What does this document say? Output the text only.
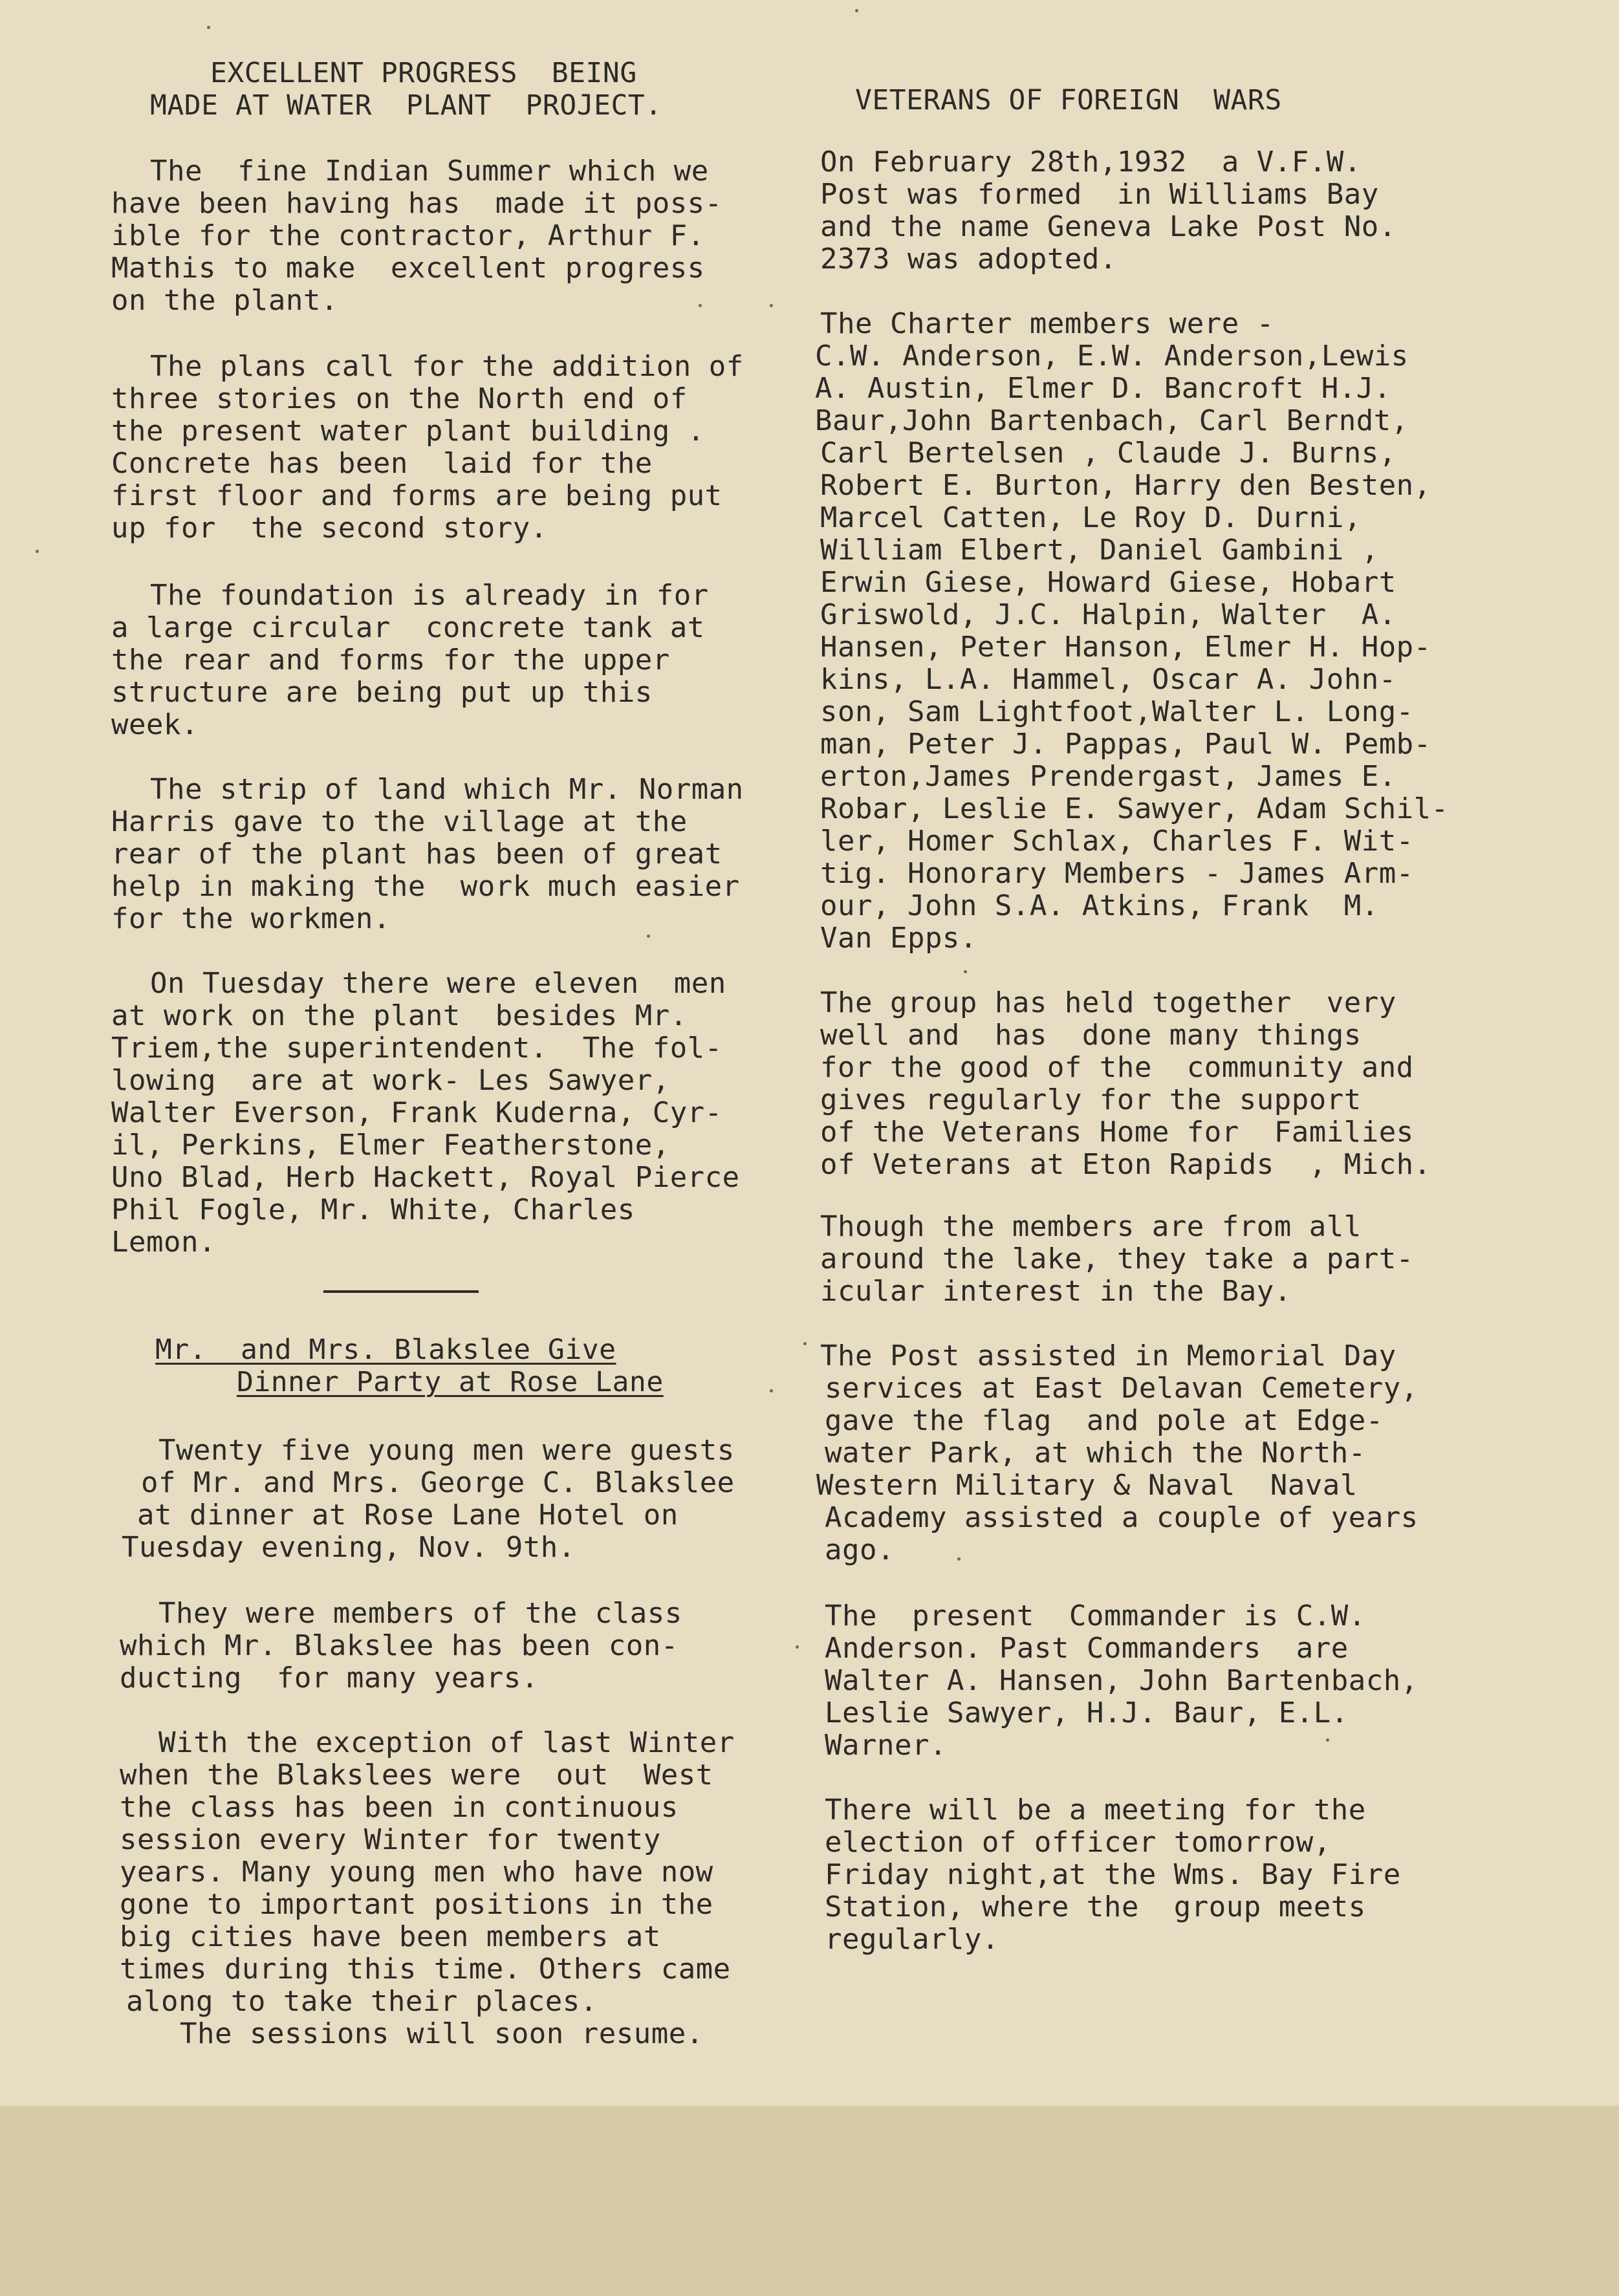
EXCELLENT PROGRESS  BEING

MADE AT WATER  PLANT  PROJECT.

The  fine Indian Summer which we

have been having has  made it poss-

ible for the contractor, Arthur F.

Mathis to make  excellent progress

on the plant.

The plans call for the addition of

three stories on the North end of

the present water plant building .

Concrete has been  laid for the

first floor and forms are being put

up for  the second story.

The foundation is already in for

a large circular  concrete tank at

the rear and forms for the upper

structure are being put up this

week.

The strip of land which Mr. Norman

Harris gave to the village at the

rear of the plant has been of great

help in making the  work much easier

for the workmen.

On Tuesday there were eleven  men

at work on the plant  besides Mr.

Triem,the superintendent.  The fol-

lowing  are at work- Les Sawyer,

Walter Everson, Frank Kuderna, Cyr-

il, Perkins, Elmer Featherstone,

Uno Blad, Herb Hackett, Royal Pierce

Phil Fogle, Mr. White, Charles

Lemon.

Mr.  and Mrs. Blakslee Give

Dinner Party at Rose Lane

Twenty five young men were guests

of Mr. and Mrs. George C. Blakslee

at dinner at Rose Lane Hotel on

Tuesday evening, Nov. 9th.

They were members of the class

which Mr. Blakslee has been con-

ducting  for many years.

With the exception of last Winter

when the Blakslees were  out  West

the class has been in continuous

session every Winter for twenty

years. Many young men who have now

gone to important positions in the

big cities have been members at

times during this time. Others came

along to take their places.

The sessions will soon resume.

VETERANS OF FOREIGN  WARS

On February 28th,1932  a V.F.W.

Post was formed  in Williams Bay

and the name Geneva Lake Post No.

2373 was adopted.

The Charter members were -

C.W. Anderson, E.W. Anderson,Lewis

A. Austin, Elmer D. Bancroft H.J.

Baur,John Bartenbach, Carl Berndt,

Carl Bertelsen , Claude J. Burns,

Robert E. Burton, Harry den Besten,

Marcel Catten, Le Roy D. Durni,

William Elbert, Daniel Gambini ,

Erwin Giese, Howard Giese, Hobart

Griswold, J.C. Halpin, Walter  A.

Hansen, Peter Hanson, Elmer H. Hop-

kins, L.A. Hammel, Oscar A. John-

son, Sam Lightfoot,Walter L. Long-

man, Peter J. Pappas, Paul W. Pemb-

erton,James Prendergast, James E.

Robar, Leslie E. Sawyer, Adam Schil-

ler, Homer Schlax, Charles F. Wit-

tig. Honorary Members - James Arm-

our, John S.A. Atkins, Frank  M.

Van Epps.

The group has held together  very

well and  has  done many things

for the good of the  community and

gives regularly for the support

of the Veterans Home for  Families

of Veterans at Eton Rapids  , Mich.

Though the members are from all

around the lake, they take a part-

icular interest in the Bay.

The Post assisted in Memorial Day

services at East Delavan Cemetery,

gave the flag  and pole at Edge-

water Park, at which the North-

Western Military & Naval  Naval

Academy assisted a couple of years

ago.

The  present  Commander is C.W.

Anderson. Past Commanders  are

Walter A. Hansen, John Bartenbach,

Leslie Sawyer, H.J. Baur, E.L.

Warner.

There will be a meeting for the

election of officer tomorrow,

Friday night,at the Wms. Bay Fire

Station, where the  group meets

regularly.
